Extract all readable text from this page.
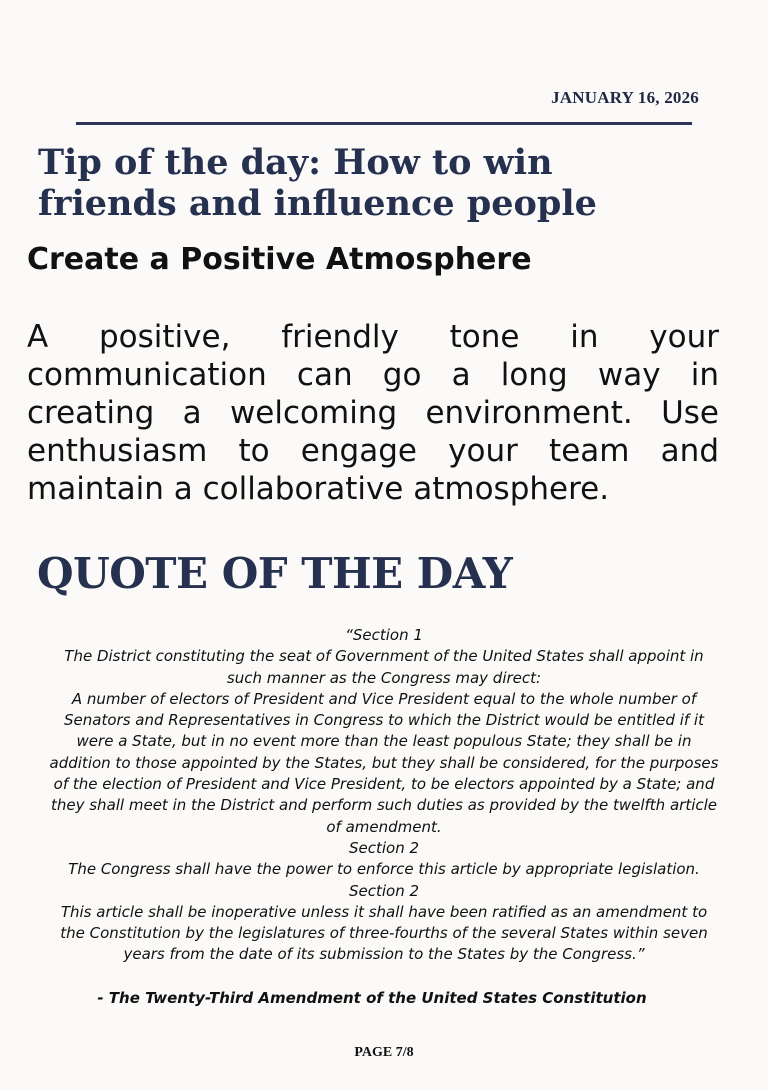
JANUARY 16, 2026
Tip of the day: How to win friends and influence people
Create a Positive Atmosphere

A positive, friendly tone in your communication can go a long way in creating a welcoming environment. Use enthusiasm to engage your team and maintain a collaborative atmosphere.

QUOTE OF THE DAY
“Section 1
The District constituting the seat of Government of the United States shall appoint in such manner as the Congress may direct:
A number of electors of President and Vice President equal to the whole number of Senators and Representatives in Congress to which the District would be entitled if it were a State, but in no event more than the least populous State; they shall be in addition to those appointed by the States, but they shall be considered, for the purposes of the election of President and Vice President, to be electors appointed by a State; and they shall meet in the District and perform such duties as provided by the twelfth article of amendment.
Section 2
The Congress shall have the power to enforce this article by appropriate legislation.
Section 2
This article shall be inoperative unless it shall have been ratified as an amendment to the Constitution by the legislatures of three-fourths of the several States within seven years from the date of its submission to the States by the Congress.”

- The Twenty-Third Amendment of the United States Constitution

PAGE 7/8
